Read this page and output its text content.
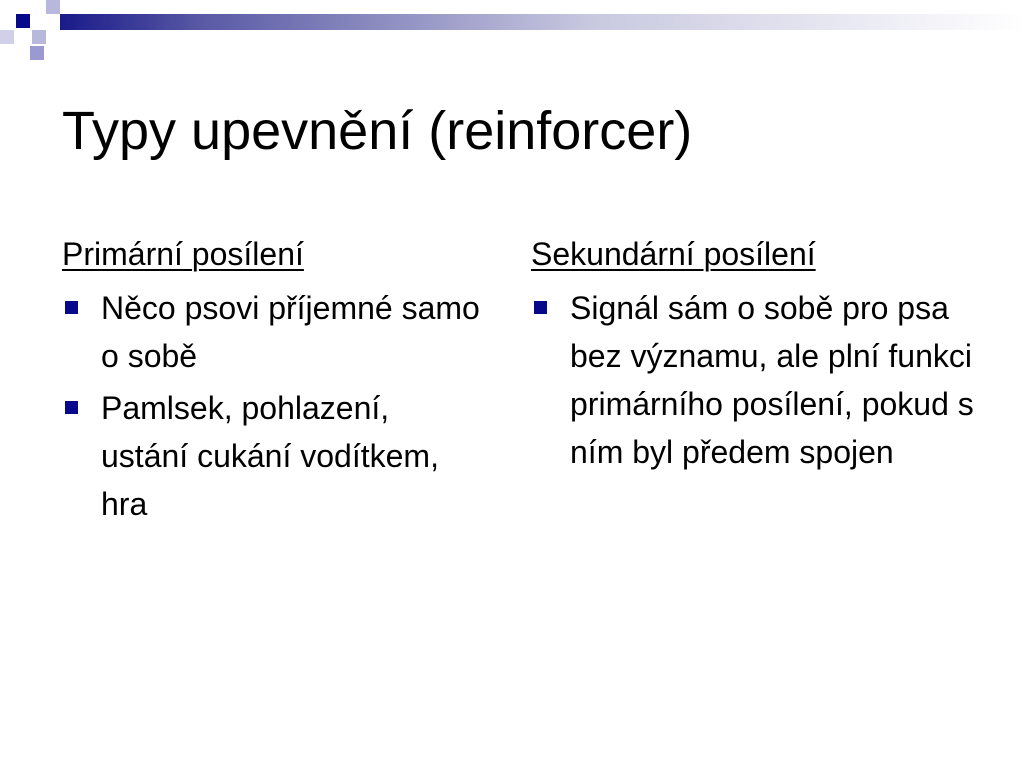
Typy upevnění (reinforcer)
Primární posílení
Něco psovi příjemné samo o sobě
Pamlsek, pohlazení, ustání cukání vodítkem, hra
Sekundární posílení
Signál sám o sobě pro psa bez významu, ale plní funkci primárního posílení, pokud s ním byl předem spojen
